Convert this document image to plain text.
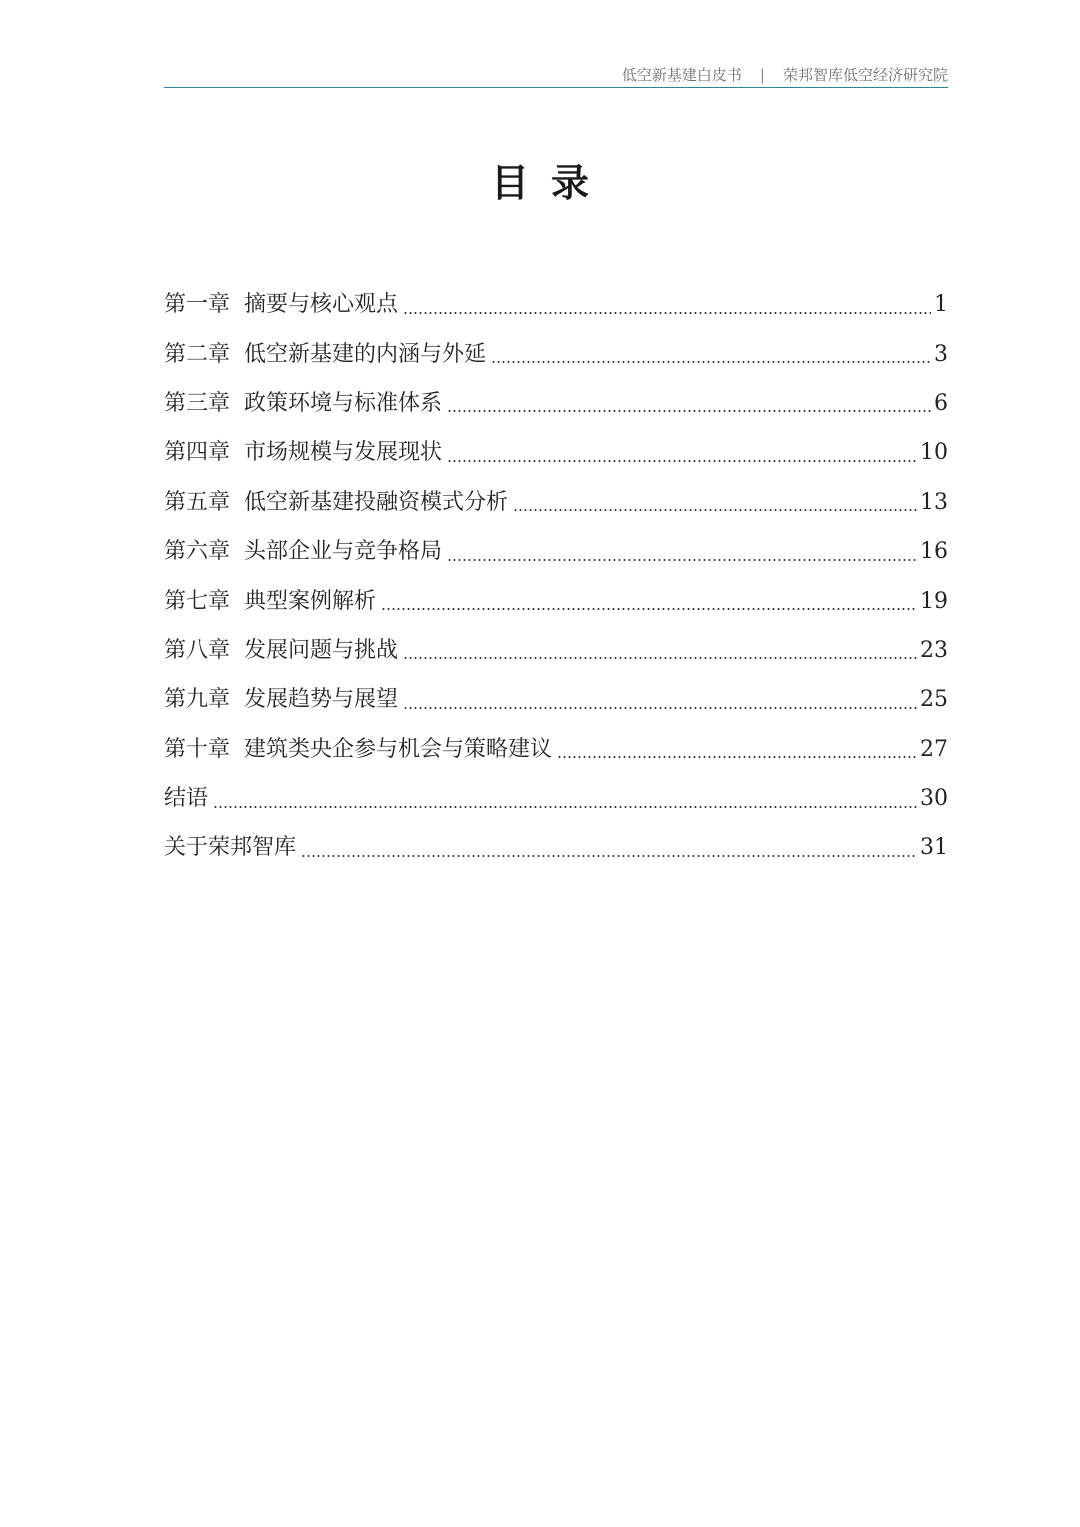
低空新基建白皮书 | 荣邦智库低空经济研究院
目录
第一章 摘要与核心观点	1
第二章 低空新基建的内涵与外延	3
第三章 政策环境与标准体系	6
第四章 市场规模与发展现状	10
第五章 低空新基建投融资模式分析	13
第六章 头部企业与竞争格局	16
第七章 典型案例解析	19
第八章 发展问题与挑战	23
第九章 发展趋势与展望	25
第十章 建筑类央企参与机会与策略建议	27
结语	30
关于荣邦智库	31
